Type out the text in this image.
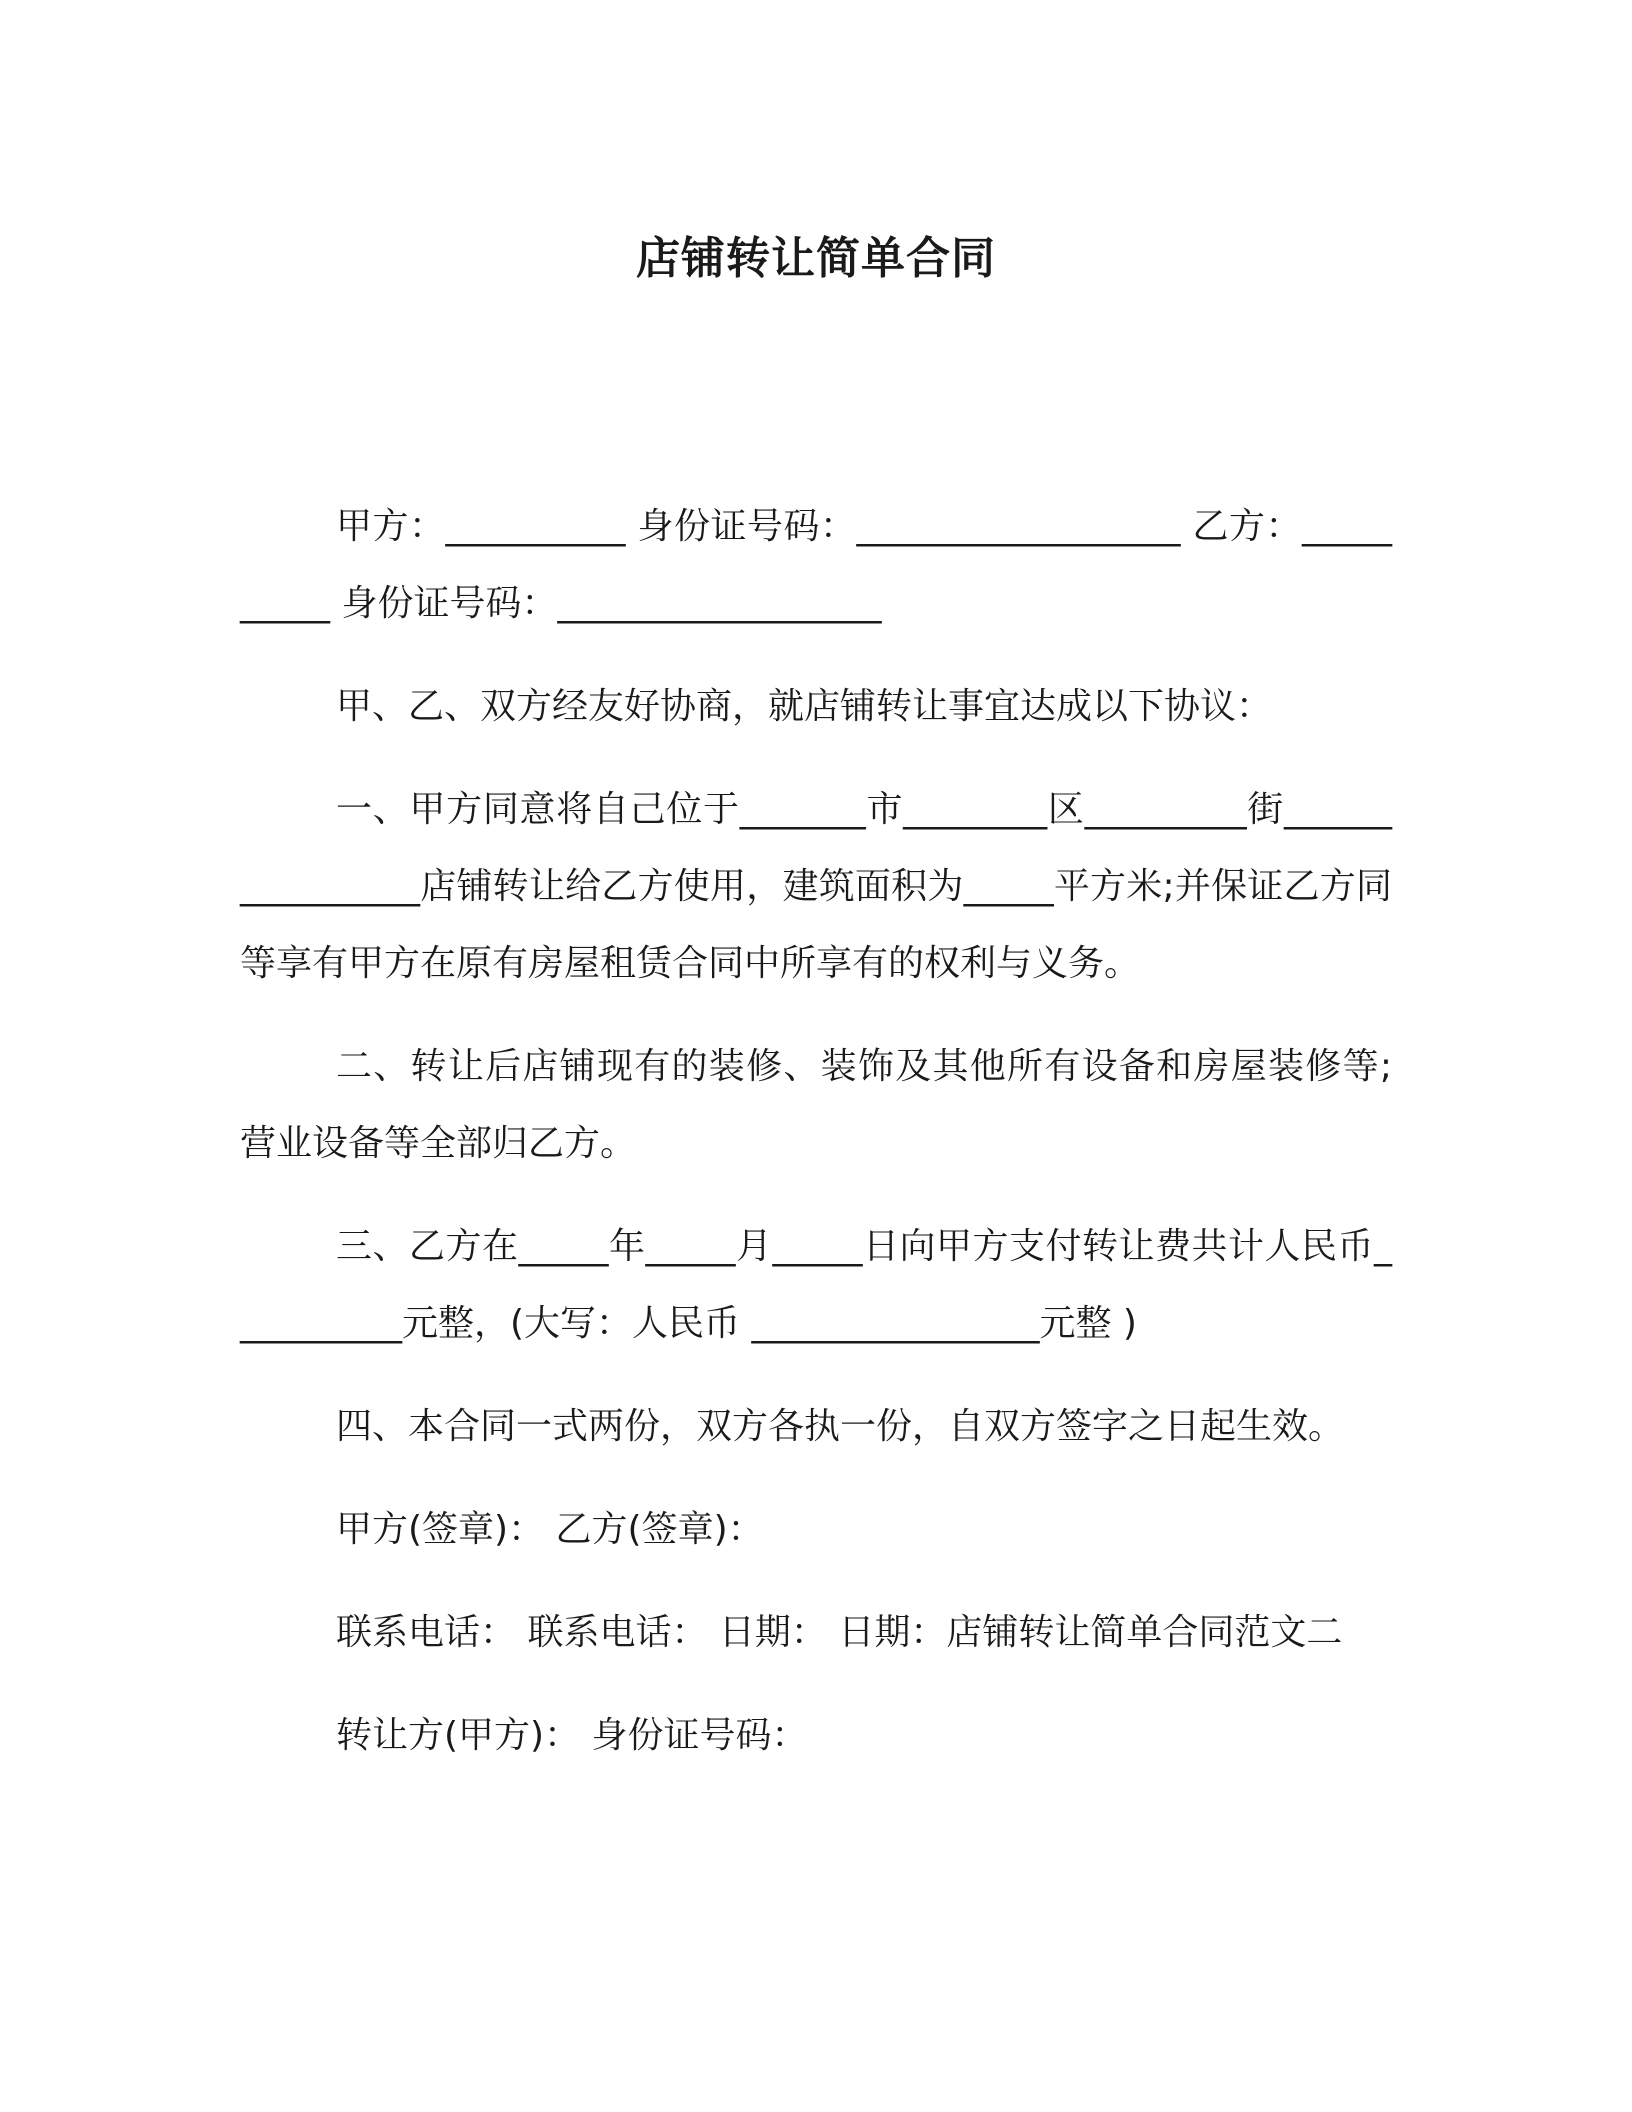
店铺转让简单合同

甲方：__________ 身份证号码：__________________ 乙方：__________ 身份证号码：__________________

甲、乙、双方经友好协商，就店铺转让事宜达成以下协议：

一、甲方同意将自己位于_______市________区_________街________________店铺转让给乙方使用，建筑面积为_____平方米;并保证乙方同等享有甲方在原有房屋租赁合同中所享有的权利与义务。

二、转让后店铺现有的装修、装饰及其他所有设备和房屋装修等;营业设备等全部归乙方。

三、乙方在_____年_____月_____日向甲方支付转让费共计人民币__________元整，(大写：人民币 ________________元整 )

四、本合同一式两份，双方各执一份，自双方签字之日起生效。

甲方(签章)： 乙方(签章)：

联系电话： 联系电话： 日期： 日期：店铺转让简单合同范文二

转让方(甲方)： 身份证号码：
